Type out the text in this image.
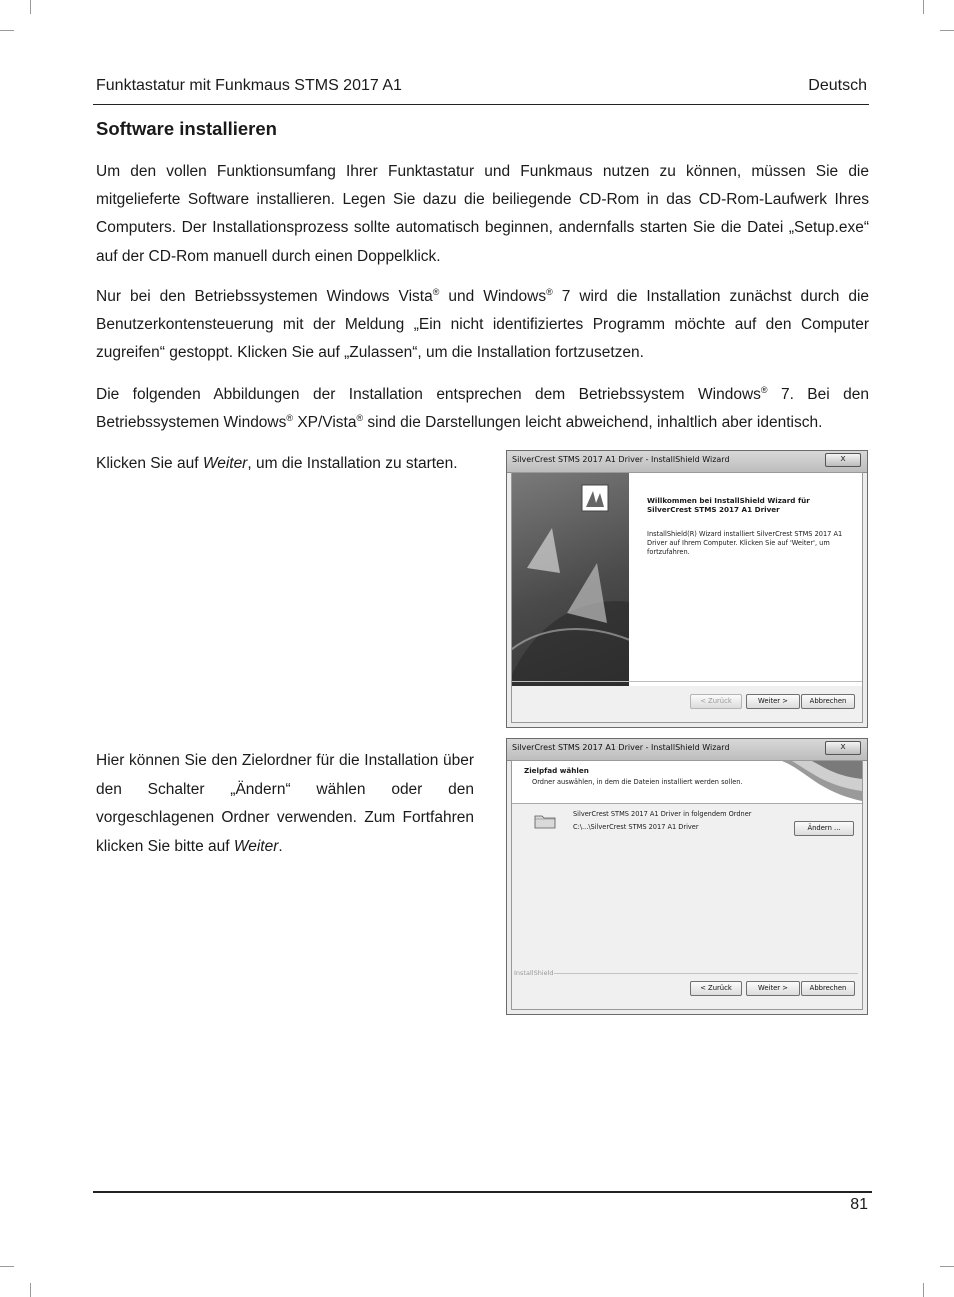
Funktastatur mit Funkmaus STMS 2017 A1	Deutsch
Software installieren

Um den vollen Funktionsumfang Ihrer Funktastatur und Funkmaus nutzen zu können, müssen Sie die mitgelieferte Software installieren. Legen Sie dazu die beiliegende CD-Rom in das CD-Rom-Laufwerk Ihres Computers. Der Installationsprozess sollte automatisch beginnen, andernfalls starten Sie die Datei „Setup.exe“ auf der CD-Rom manuell durch einen Doppelklick.

Nur bei den Betriebssystemen Windows Vista® und Windows® 7 wird die Installation zunächst durch die Benutzerkontensteuerung mit der Meldung „Ein nicht identifiziertes Programm möchte auf den Computer zugreifen“ gestoppt. Klicken Sie auf „Zulassen“, um die Installation fortzusetzen.

Die folgenden Abbildungen der Installation entsprechen dem Betriebssystem Windows® 7. Bei den Betriebssystemen Windows® XP/Vista® sind die Darstellungen leicht abweichend, inhaltlich aber identisch.

Klicken Sie auf Weiter, um die Installation zu starten.

Hier können Sie den Zielordner für die Installation über den Schalter „Ändern“ wählen oder den vorgeschlagenen Ordner verwenden. Zum Fortfahren klicken Sie bitte auf Weiter.

SilverCrest STMS 2017 A1 Driver - InstallShield Wizard	x
Willkommen bei InstallShield Wizard für
SilverCrest STMS 2017 A1 Driver
InstallShield(R) Wizard installiert SilverCrest STMS 2017 A1 Driver auf Ihrem Computer. Klicken Sie auf 'Weiter', um fortzufahren.
< Zurück	Weiter >	Abbrechen
SilverCrest STMS 2017 A1 Driver - InstallShield Wizard	x
Zielpfad wählen
Ordner auswählen, in dem die Dateien installiert werden sollen.
SilverCrest STMS 2017 A1 Driver in folgendem Ordner
C:\...\SilverCrest STMS 2017 A1 Driver	Ändern ...
InstallShield
< Zurück	Weiter >	Abbrechen
81
